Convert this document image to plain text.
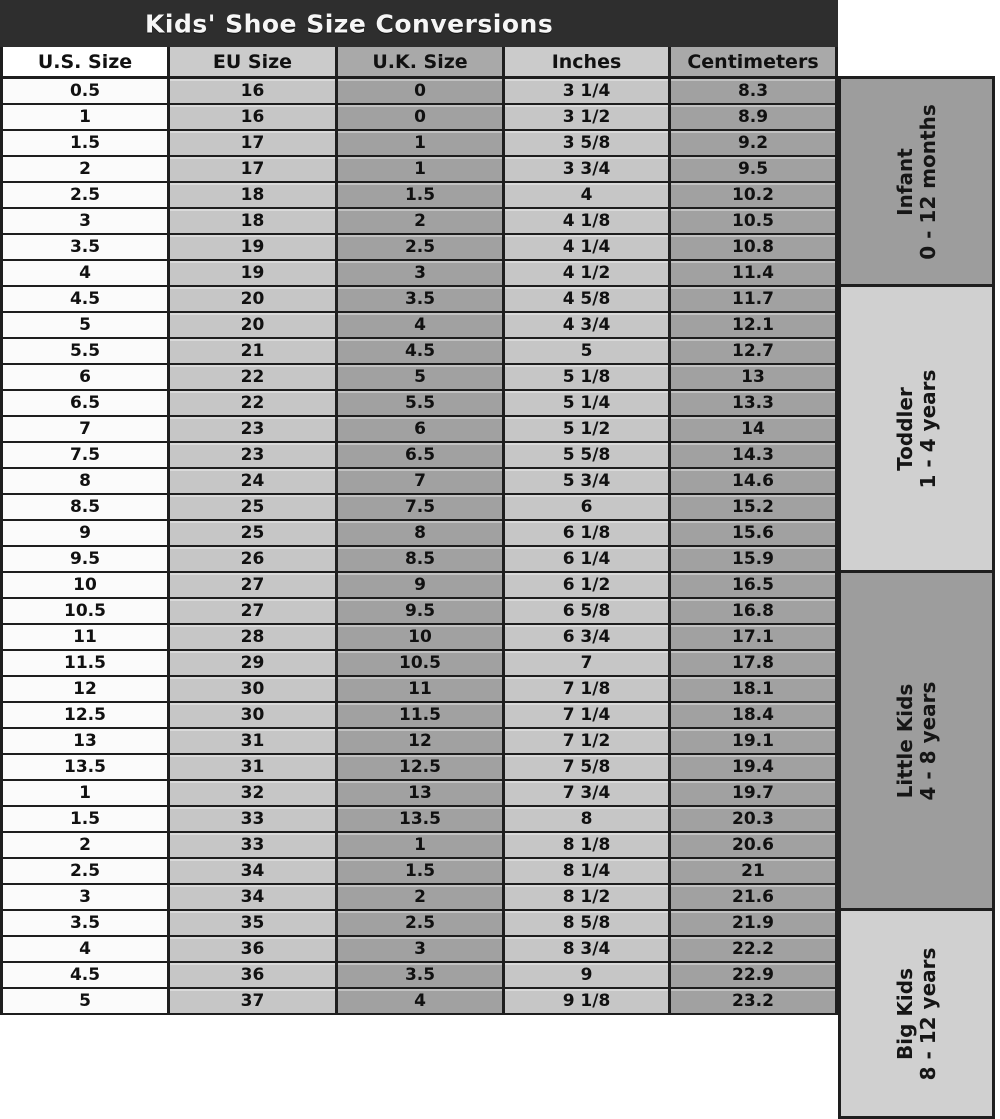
Kids' Shoe Size Conversions
U.S. Size	EU Size	U.K. Size	Inches	Centimeters
0.5	16	0	3 1/4	8.3
1	16	0	3 1/2	8.9
1.5	17	1	3 5/8	9.2
2	17	1	3 3/4	9.5
2.5	18	1.5	4	10.2
3	18	2	4 1/8	10.5
3.5	19	2.5	4 1/4	10.8
4	19	3	4 1/2	11.4
4.5	20	3.5	4 5/8	11.7
5	20	4	4 3/4	12.1
5.5	21	4.5	5	12.7
6	22	5	5 1/8	13
6.5	22	5.5	5 1/4	13.3
7	23	6	5 1/2	14
7.5	23	6.5	5 5/8	14.3
8	24	7	5 3/4	14.6
8.5	25	7.5	6	15.2
9	25	8	6 1/8	15.6
9.5	26	8.5	6 1/4	15.9
10	27	9	6 1/2	16.5
10.5	27	9.5	6 5/8	16.8
11	28	10	6 3/4	17.1
11.5	29	10.5	7	17.8
12	30	11	7 1/8	18.1
12.5	30	11.5	7 1/4	18.4
13	31	12	7 1/2	19.1
13.5	31	12.5	7 5/8	19.4
1	32	13	7 3/4	19.7
1.5	33	13.5	8	20.3
2	33	1	8 1/8	20.6
2.5	34	1.5	8 1/4	21
3	34	2	8 1/2	21.6
3.5	35	2.5	8 5/8	21.9
4	36	3	8 3/4	22.2
4.5	36	3.5	9	22.9
5	37	4	9 1/8	23.2
Infant 0 - 12 months
Toddler 1 - 4 years
Little Kids 4 - 8 years
Big Kids 8 - 12 years
